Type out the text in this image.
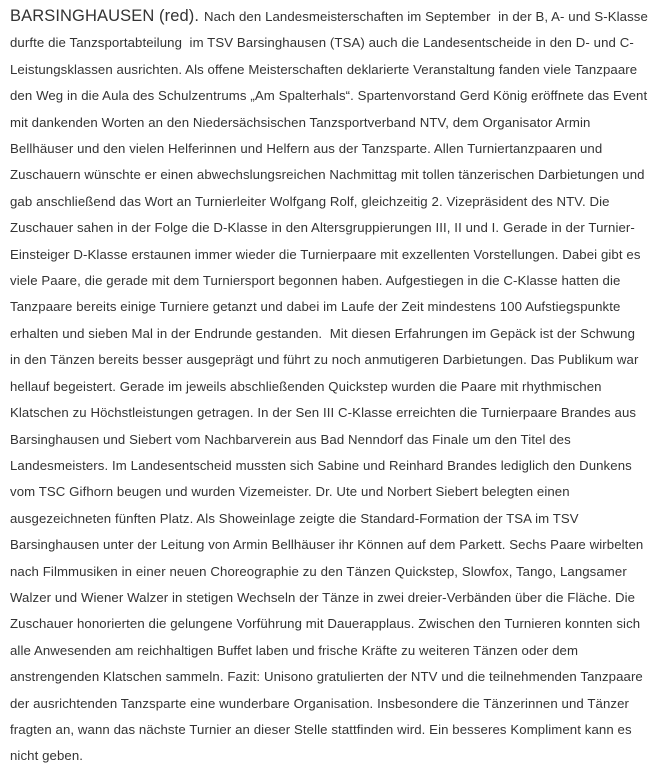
BARSINGHAUSEN (red). Nach den Landesmeisterschaften im September  in der B, A- und S-Klasse

durfte die Tanzsportabteilung  im TSV Barsinghausen (TSA) auch die Landesentscheide in den D- und C-

Leistungsklassen ausrichten. Als offene Meisterschaften deklarierte Veranstaltung fanden viele Tanzpaare

den Weg in die Aula des Schulzentrums „Am Spalterhals“. Spartenvorstand Gerd König eröffnete das Event

mit dankenden Worten an den Niedersächsischen Tanzsportverband NTV, dem Organisator Armin

Bellhäuser und den vielen Helferinnen und Helfern aus der Tanzsparte. Allen Turniertanzpaaren und

Zuschauern wünschte er einen abwechslungsreichen Nachmittag mit tollen tänzerischen Darbietungen und

gab anschließend das Wort an Turnierleiter Wolfgang Rolf, gleichzeitig 2. Vizepräsident des NTV. Die

Zuschauer sahen in der Folge die D-Klasse in den Altersgruppierungen III, II und I. Gerade in der Turnier-

Einsteiger D-Klasse erstaunen immer wieder die Turnierpaare mit exzellenten Vorstellungen. Dabei gibt es

viele Paare, die gerade mit dem Turniersport begonnen haben. Aufgestiegen in die C-Klasse hatten die

Tanzpaare bereits einige Turniere getanzt und dabei im Laufe der Zeit mindestens 100 Aufstiegspunkte

erhalten und sieben Mal in der Endrunde gestanden.  Mit diesen Erfahrungen im Gepäck ist der Schwung

in den Tänzen bereits besser ausgeprägt und führt zu noch anmutigeren Darbietungen. Das Publikum war

hellauf begeistert. Gerade im jeweils abschließenden Quickstep wurden die Paare mit rhythmischen

Klatschen zu Höchstleistungen getragen. In der Sen III C-Klasse erreichten die Turnierpaare Brandes aus

Barsinghausen und Siebert vom Nachbarverein aus Bad Nenndorf das Finale um den Titel des

Landesmeisters. Im Landesentscheid mussten sich Sabine und Reinhard Brandes lediglich den Dunkens

vom TSC Gifhorn beugen und wurden Vizemeister. Dr. Ute und Norbert Siebert belegten einen

ausgezeichneten fünften Platz. Als Showeinlage zeigte die Standard-Formation der TSA im TSV

Barsinghausen unter der Leitung von Armin Bellhäuser ihr Können auf dem Parkett. Sechs Paare wirbelten

nach Filmmusiken in einer neuen Choreographie zu den Tänzen Quickstep, Slowfox, Tango, Langsamer

Walzer und Wiener Walzer in stetigen Wechseln der Tänze in zwei dreier-Verbänden über die Fläche. Die

Zuschauer honorierten die gelungene Vorführung mit Dauerapplaus. Zwischen den Turnieren konnten sich

alle Anwesenden am reichhaltigen Buffet laben und frische Kräfte zu weiteren Tänzen oder dem

anstrengenden Klatschen sammeln. Fazit: Unisono gratulierten der NTV und die teilnehmenden Tanzpaare

der ausrichtenden Tanzsparte eine wunderbare Organisation. Insbesondere die Tänzerinnen und Tänzer

fragten an, wann das nächste Turnier an dieser Stelle stattfinden wird. Ein besseres Kompliment kann es

nicht geben.
